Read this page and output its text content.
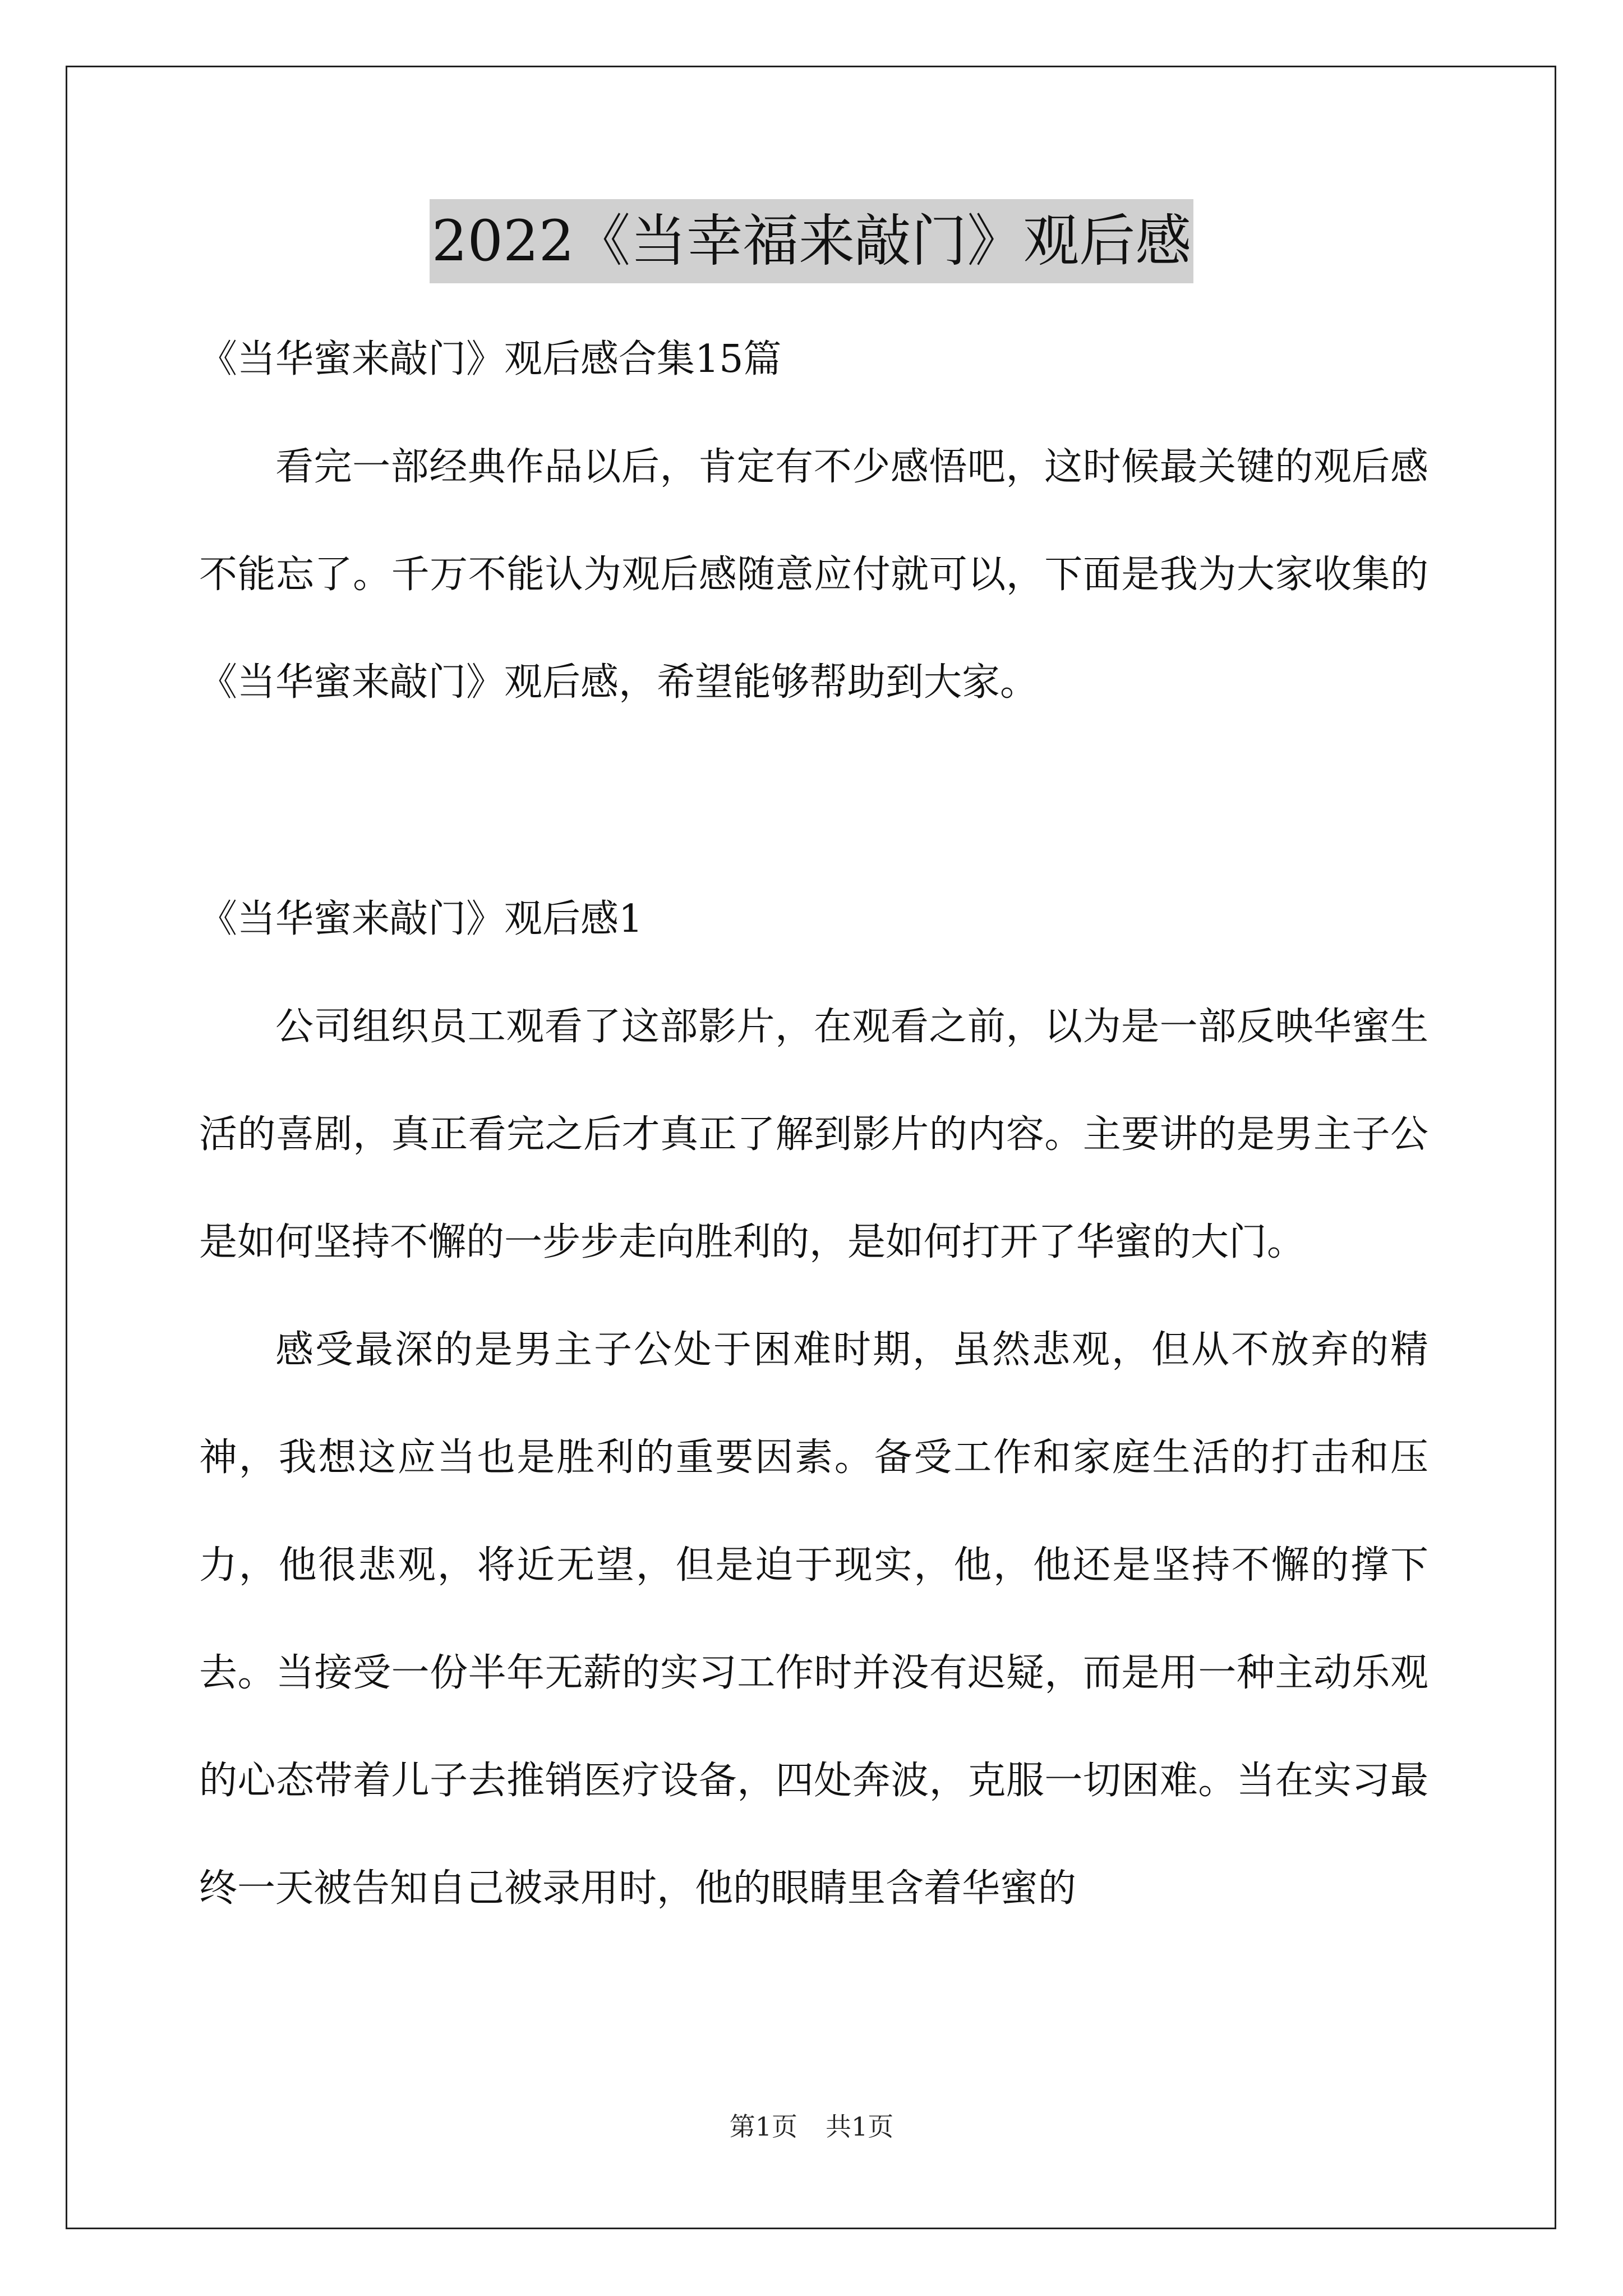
2022《当幸福来敲门》观后感
《当华蜜来敲门》观后感合集15篇

看完一部经典作品以后，肯定有不少感悟吧，这时候最关键的观后感不能忘了。千万不能认为观后感随意应付就可以，下面是我为大家收集的《当华蜜来敲门》观后感，希望能够帮助到大家。

《当华蜜来敲门》观后感1

公司组织员工观看了这部影片，在观看之前，以为是一部反映华蜜生活的喜剧，真正看完之后才真正了解到影片的内容。主要讲的是男主子公是如何坚持不懈的一步步走向胜利的，是如何打开了华蜜的大门。

感受最深的是男主子公处于困难时期，虽然悲观，但从不放弃的精神，我想这应当也是胜利的重要因素。备受工作和家庭生活的打击和压力，他很悲观，将近无望，但是迫于现实，他，他还是坚持不懈的撑下去。当接受一份半年无薪的实习工作时并没有迟疑，而是用一种主动乐观的心态带着儿子去推销医疗设备，四处奔波，克服一切困难。当在实习最终一天被告知自己被录用时，他的眼睛里含着华蜜的

第1页 共1页
